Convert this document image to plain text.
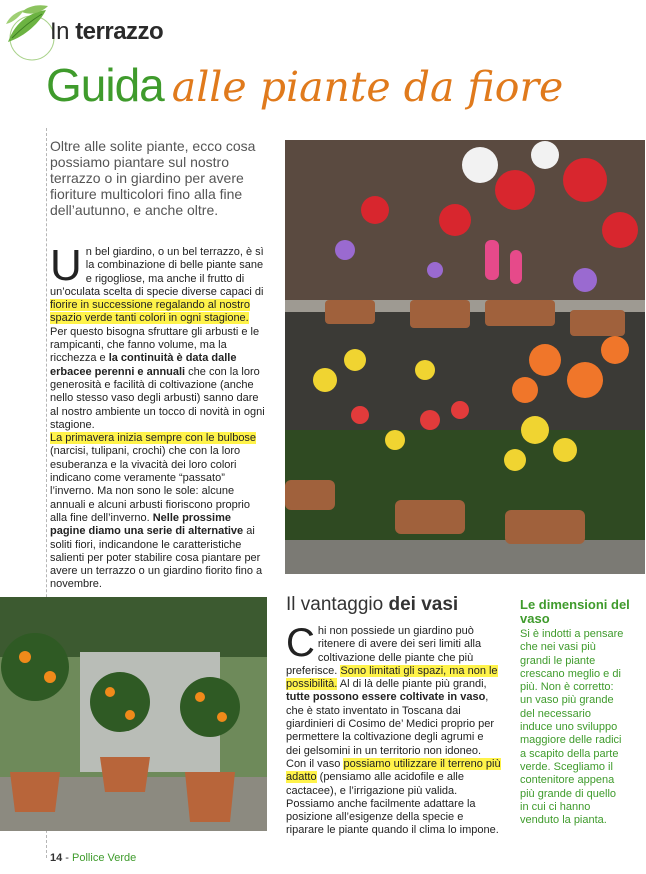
In terrazzo
Guida alle piante da fiore
Oltre alle solite piante, ecco cosa possiamo piantare sul nostro terrazzo o in giardino per avere fioriture multicolori fino alla fine dell’autunno, e anche oltre.
Un bel giardino, o un bel terrazzo, è sì la combinazione di belle piante sane e rigogliose, ma anche il frutto di un’oculata scelta di specie diverse capaci di fiorire in successione regalando al nostro spazio verde tanti colori in ogni stagione. Per questo bisogna sfruttare gli arbusti e le rampicanti, che fanno volume, ma la ricchezza e la continuità è data dalle erbacee perenni e annuali che con la loro generosità e facilità di coltivazione (anche nello stesso vaso degli arbusti) sanno dare al nostro ambiente un tocco di novità in ogni stagione.
La primavera inizia sempre con le bulbose (narcisi, tulipani, crochi) che con la loro esuberanza e la vivacità dei loro colori indicano come veramente “passato” l’inverno. Ma non sono le sole: alcune annuali e alcuni arbusti fioriscono proprio alla fine dell’inverno. Nelle prossime pagine diamo una serie di alternative ai soliti fiori, indicandone le caratteristiche salienti per poter stabilire cosa piantare per avere un terrazzo o un giardino fiorito fino a novembre.
Il vantaggio dei vasi
Chi non possiede un giardino può ritenere di avere dei seri limiti alla coltivazione delle piante che più preferisce. Sono limitati gli spazi, ma non le possibilità. Al di là delle piante più grandi, tutte possono essere coltivate in vaso, che è stato inventato in Toscana dai giardinieri di Cosimo de’ Medici proprio per permettere la coltivazione degli agrumi e dei gelsomini in un territorio non idoneo. Con il vaso possiamo utilizzare il terreno più adatto (pensiamo alle acidofile e alle cactacee), e l’irrigazione più valida. Possiamo anche facilmente adattare la posizione all’esigenze della specie e riparare le piante quando il clima lo impone.
Le dimensioni del vaso
Si è indotti a pensare che nei vasi più grandi le piante crescano meglio e di più. Non è corretto: un vaso più grande del necessario induce uno sviluppo maggiore delle radici a scapito della parte verde. Scegliamo il contenitore appena più grande di quello in cui ci hanno venduto la pianta.
14 - Pollice Verde
